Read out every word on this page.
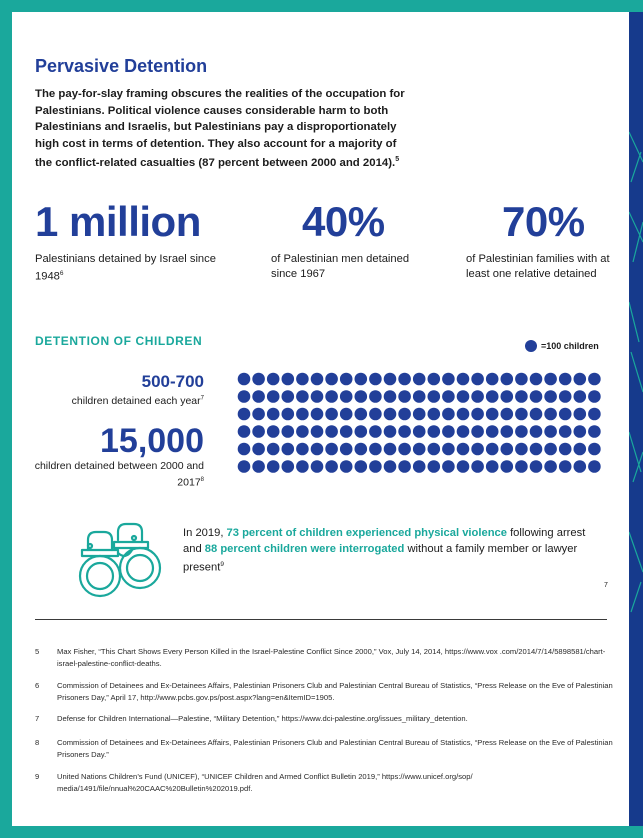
Pervasive Detention

The pay-for-slay framing obscures the realities of the occupation for Palestinians. Political violence causes considerable harm to both Palestinians and Israelis, but Palestinians pay a disproportionately high cost in terms of detention. They also account for a majority of the conflict-related casualties (87 percent between 2000 and 2014).$^5$

1 million

Palestinians detained by Israel since 1948$^6$

40%

of Palestinian men detained since 1967

70%

of Palestinian families with at least one relative detained

DETENTION OF CHILDREN	=100 children

500-700

children detained each year$^7$

15,000

children detained between 2000 and 2017$^8$

In 2019, 73 percent of children experienced physical violence following arrest and 88 percent children were interrogated without a family member or lawyer present$^9$

7

5	Max Fisher, “This Chart Shows Every Person Killed in the Israel-Palestine Conflict Since 2000,” Vox, July 14, 2014, https://www.vox .com/2014/7/14/5898581/chart-israel-palestine-conflict-deaths.
6	Commission of Detainees and Ex-Detainees Affairs, Palestinian Prisoners Club and Palestinian Central Bureau of Statistics, “Press Release on the Eve of Palestinian Prisoners Day,” April 17, http://www.pcbs.gov.ps/post.aspx?lang=en&ItemID=1905.
7	Defense for Children International—Palestine, “Military Detention,” https://www.dci-palestine.org/issues_military_detention.
8	Commission of Detainees and Ex-Detainees Affairs, Palestinian Prisoners Club and Palestinian Central Bureau of Statistics, “Press Release on the Eve of Palestinian Prisoners Day.”
9	United Nations Children’s Fund (UNICEF), “UNICEF Children and Armed Conflict Bulletin 2019,” https://www.unicef.org/sop/ media/1491/file/nnual%20CAAC%20Bulletin%202019.pdf.
